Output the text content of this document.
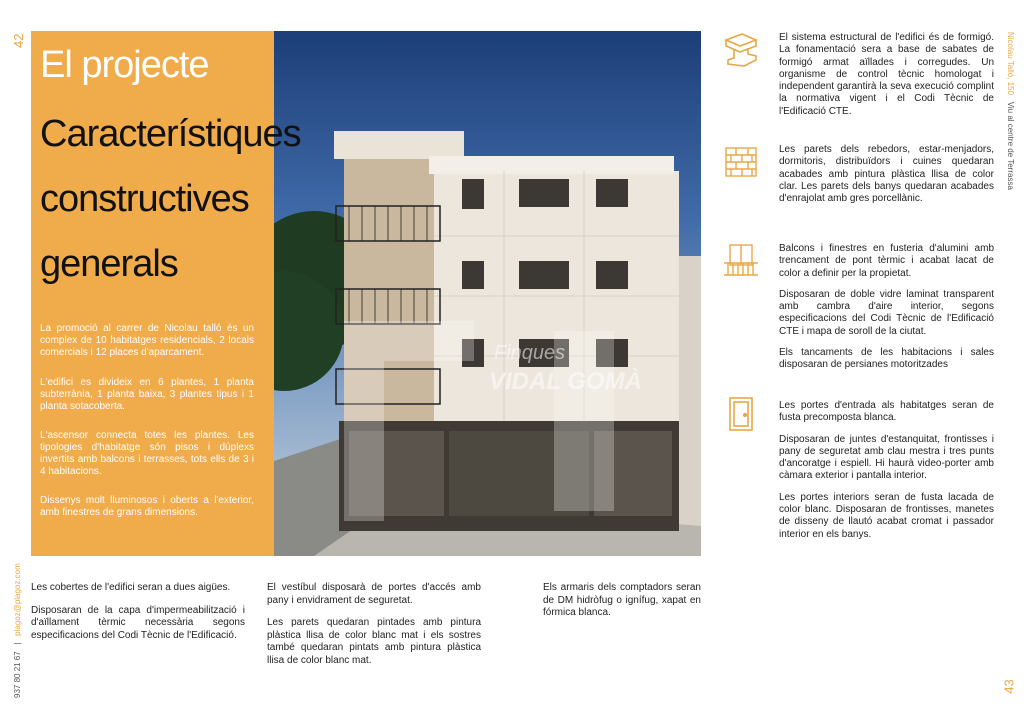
42
43
937 80 21 67   |   plagoz@plagoz.com
Nicolau Talló, 150   Viu al centre de Terrassa
Finques
VIDAL GOMÀ
El projecte
Característiques
constructives
generals
La promoció al carrer de Nicolau talló és un complex de 10 habitatges residencials, 2 locals comercials i 12 places d'aparcament.
L'edifici es divideix en 6 plantes, 1 planta subterrània, 1 planta baixa, 3 plantes tipus i 1 planta sotacoberta.
L'ascensor connecta totes les plantes. Les tipologies d'habitatge són pisos i dúplexs invertits amb balcons i terrasses, tots ells de 3 i 4 habitacions.
Dissenys molt lluminosos i oberts a l'exterior, amb finestres de grans dimensions.

Les cobertes de l'edifici seran a dues aigües.

Disposaran de la capa d'impermeabilització i d'aïllament tèrmic necessària segons especificacions del Codi Tècnic de l'Edificació.

El vestíbul disposarà de portes d'accés amb pany i envidrament de seguretat.

Les parets quedaran pintades amb pintura plàstica llisa de color blanc mat i els sostres també quedaran pintats amb pintura plàstica llisa de color blanc mat.

Els armaris dels comptadors seran de DM hidròfug o ignífug, xapat en fórmica blanca.

El sistema estructural de l'edifici és de formigó. La fonamentació sera a base de sabates de formigó armat aïllades i corregudes. Un organisme de control tècnic homologat i independent garantirà la seva execució complint la normativa vigent i el Codi Tècnic de l'Edificació CTE.

Les parets dels rebedors, estar-menjadors, dormitoris, distribuïdors i cuines quedaran acabades amb pintura plàstica llisa de color clar. Les parets dels banys quedaran acabades d'enrajolat amb gres porcellànic.

Balcons i finestres en fusteria d'alumini amb trencament de pont tèrmic i acabat lacat de color a definir per la propietat.

Disposaran de doble vidre laminat transparent amb cambra d'aire interior, segons especificacions del Codi Tècnic de l'Edificació CTE i mapa de soroll de la ciutat.

Els tancaments de les habitacions i sales disposaran de persianes motoritzades

Les portes d'entrada als habitatges seran de fusta precomposta blanca.

Disposaran de juntes d'estanquitat, frontisses i pany de seguretat amb clau mestra i tres punts d'ancoratge i espiell. Hi haurà video-porter amb càmara exterior i pantalla interior.

Les portes interiors seran de fusta lacada de color blanc. Disposaran de frontisses, manetes de disseny de llautó acabat cromat i passador interior en els banys.
